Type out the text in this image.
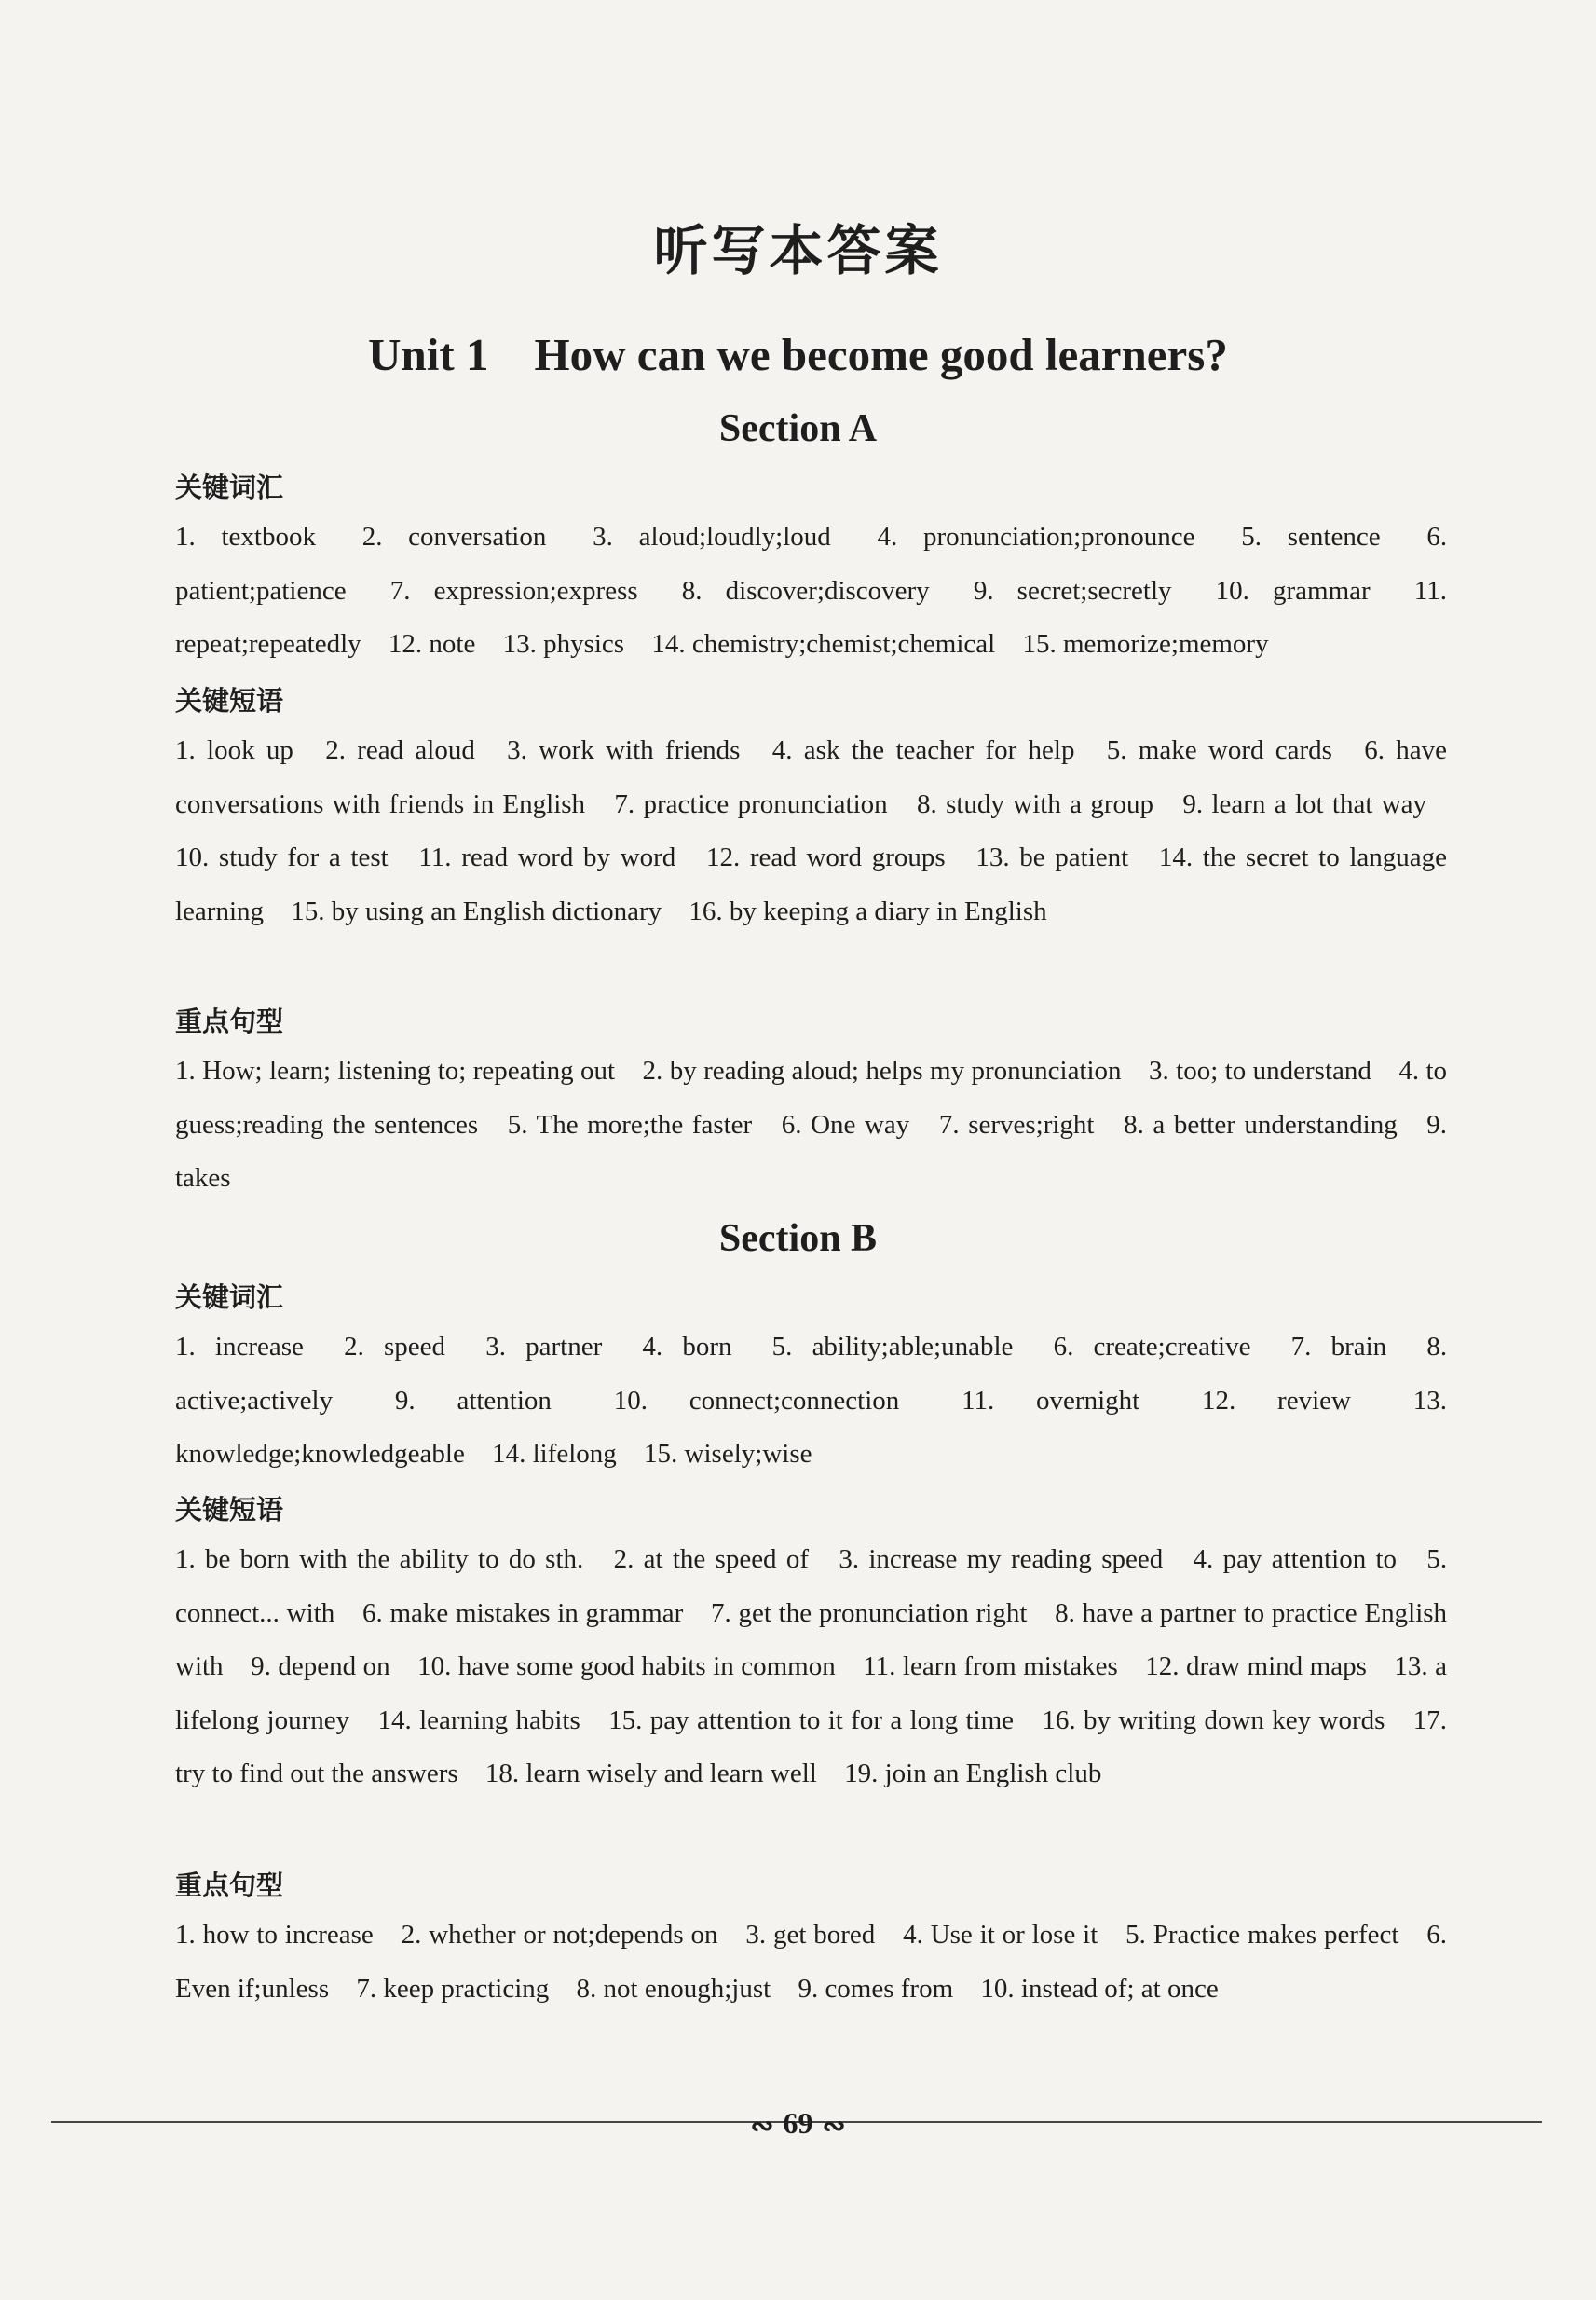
听写本答案
Unit 1 How can we become good learners?
Section A
关键词汇

1. textbook 2. conversation 3. aloud;loudly;loud 4. pronunciation;pronounce 5. sentence 6. patient;patience 7. expression;express 8. discover;discovery 9. secret;secretly 10. grammar 11. repeat;repeatedly 12. note 13. physics 14. chemistry;chemist;chemical 15. memorize;memory

关键短语

1. look up 2. read aloud 3. work with friends 4. ask the teacher for help 5. make word cards 6. have conversations with friends in English 7. practice pronunciation 8. study with a group 9. learn a lot that way 10. study for a test 11. read word by word 12. read word groups 13. be patient 14. the secret to language learning 15. by using an English dictionary 16. by keeping a diary in English

重点句型

1. How; learn; listening to; repeating out 2. by reading aloud; helps my pronunciation 3. too; to understand 4. to guess;reading the sentences 5. The more;the faster 6. One way 7. serves;right 8. a better understanding 9. takes

Section B
关键词汇

1. increase 2. speed 3. partner 4. born 5. ability;able;unable 6. create;creative 7. brain 8. active;actively 9. attention 10. connect;connection 11. overnight 12. review 13. knowledge;knowledgeable 14. lifelong 15. wisely;wise

关键短语

1. be born with the ability to do sth. 2. at the speed of 3. increase my reading speed 4. pay attention to 5. connect... with 6. make mistakes in grammar 7. get the pronunciation right 8. have a partner to practice English with 9. depend on 10. have some good habits in common 11. learn from mistakes 12. draw mind maps 13. a lifelong journey 14. learning habits 15. pay attention to it for a long time 16. by writing down key words 17. try to find out the answers 18. learn wisely and learn well 19. join an English club

重点句型

1. how to increase 2. whether or not;depends on 3. get bored 4. Use it or lose it 5. Practice makes perfect 6. Even if;unless 7. keep practicing 8. not enough;just 9. comes from 10. instead of; at once

∾ 69 ∾
